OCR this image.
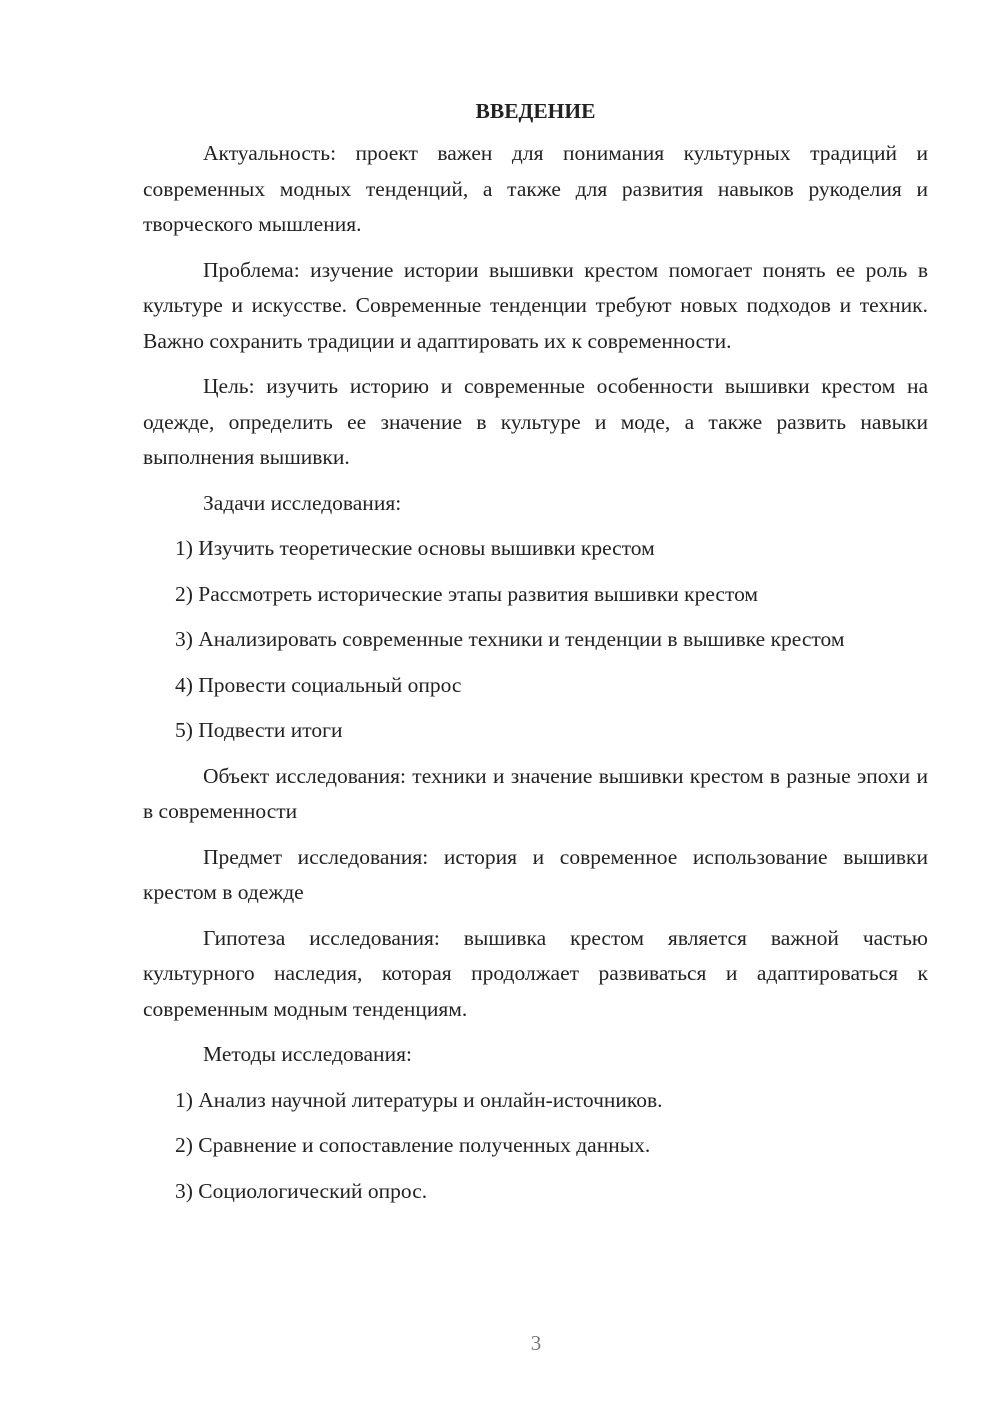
ВВЕДЕНИЕ

Актуальность: проект важен для понимания культурных традиций и современных модных тенденций, а также для развития навыков рукоделия и творческого мышления.

Проблема: изучение истории вышивки крестом помогает понять ее роль в культуре и искусстве. Современные тенденции требуют новых подходов и техник. Важно сохранить традиции и адаптировать их к современности.

Цель: изучить историю и современные особенности вышивки крестом на одежде, определить ее значение в культуре и моде, а также развить навыки выполнения вышивки.

Задачи исследования:

1) Изучить теоретические основы вышивки крестом

2) Рассмотреть исторические этапы развития вышивки крестом

3) Анализировать современные техники и тенденции в вышивке крестом

4) Провести социальный опрос

5) Подвести итоги

Объект исследования: техники и значение вышивки крестом в разные эпохи и в современности

Предмет исследования: история и современное использование вышивки крестом в одежде

Гипотеза исследования: вышивка крестом является важной частью культурного наследия, которая продолжает развиваться и адаптироваться к современным модным тенденциям.

Методы исследования:

1) Анализ научной литературы и онлайн-источников.

2) Сравнение и сопоставление полученных данных.

3) Социологический опрос.

3
